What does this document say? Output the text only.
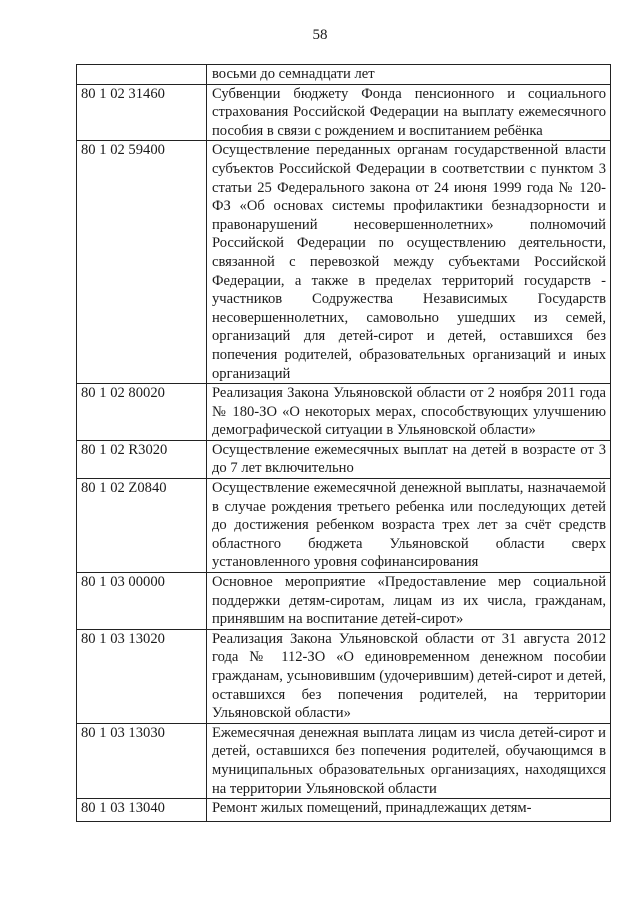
58
	восьми до семнадцати лет
80 1 02 31460	Субвенции бюджету Фонда пенсионного и социального страхования Российской Федерации на выплату ежемесячного пособия в связи с рождением и воспитанием ребёнка
80 1 02 59400	Осуществление переданных органам государственной власти субъектов Российской Федерации в соответствии с пунктом 3 статьи 25 Федерального закона от 24 июня 1999 года № 120-ФЗ «Об основах системы профилактики безнадзорности и правонарушений несовершеннолетних» полномочий Российской Федерации по осуществлению деятельности, связанной с перевозкой между субъектами Российской Федерации, а также в пределах территорий государств - участников Содружества Независимых Государств несовершеннолетних, самовольно ушедших из семей, организаций для детей-сирот и детей, оставшихся без попечения родителей, образовательных организаций и иных организаций
80 1 02 80020	Реализация Закона Ульяновской области от 2 ноября 2011 года № 180-ЗО «О некоторых мерах, способствующих улучшению демографической ситуации в Ульяновской области»
80 1 02 R3020	Осуществление ежемесячных выплат на детей в возрасте от 3 до 7 лет включительно
80 1 02 Z0840	Осуществление ежемесячной денежной выплаты, назначаемой в случае рождения третьего ребенка или последующих детей до достижения ребенком возраста трех лет за счёт средств областного бюджета Ульяновской области сверх установленного уровня софинансирования
80 1 03 00000	Основное мероприятие «Предоставление мер социальной поддержки детям-сиротам, лицам из их числа, гражданам, принявшим на воспитание детей-сирот»
80 1 03 13020	Реализация Закона Ульяновской области от 31 августа 2012 года № 112-ЗО «О единовременном денежном пособии гражданам, усыновившим (удочерившим) детей-сирот и детей, оставшихся без попечения родителей, на территории Ульяновской области»
80 1 03 13030	Ежемесячная денежная выплата лицам из числа детей-сирот и детей, оставшихся без попечения родителей, обучающимся в муниципальных образовательных организациях, находящихся на территории Ульяновской области
80 1 03 13040	Ремонт жилых помещений, принадлежащих детям-
